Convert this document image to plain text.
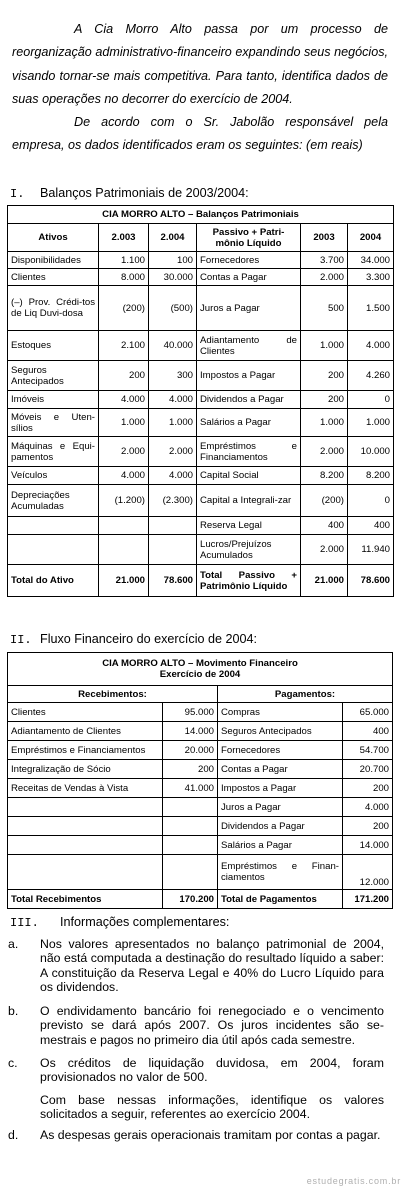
A Cia Morro Alto passa por um processo de reorganização administrativo-financeiro expandindo seus negócios, visando tornar-se mais competitiva. Para tanto, identifica dados de suas operações no decorrer do exercício de 2004.

De acordo com o Sr. Jabolão responsável pela empresa, os dados identificados eram os seguintes: (em reais)

I. Balanços Patrimoniais de 2003/2004:
CIA MORRO ALTO – Balanços Patrimoniais					
Ativos	2.003	2.004	Passivo + Patri-mônio Líquido	2003	2004
Disponibilidades	1.100	100	Fornecedores	3.700	34.000
Clientes	8.000	30.000	Contas a Pagar	2.000	3.300
(–) Prov. Crédi-tos de Liq Duvi-dosa	(200)	(500)	Juros a Pagar	500	1.500
Estoques	2.100	40.000	Adiantamento de Clientes	1.000	4.000
Seguros Antecipados	200	300	Impostos a Pagar	200	4.260
Imóveis	4.000	4.000	Dividendos a Pagar	200	0
Móveis e Uten-sílios	1.000	1.000	Salários a Pagar	1.000	1.000
Máquinas e Equi-pamentos	2.000	2.000	Empréstimos e Financiamentos	2.000	10.000
Veículos	4.000	4.000	Capital Social	8.200	8.200
Depreciações Acumuladas	(1.200)	(2.300)	Capital a Integrali-zar	(200)	0
			Reserva Legal	400	400
			Lucros/Prejuízos Acumulados	2.000	11.940
Total do Ativo	21.000	78.600	Total Passivo + Patrimônio Líquido	21.000	78.600
II. Fluxo Financeiro do exercício de 2004:
CIA MORRO ALTO – Movimento Financeiro
Exercício de 2004			
Recebimentos:		Pagamentos:	
Clientes	95.000	Compras	65.000
Adiantamento de Clientes	14.000	Seguros Antecipados	400
Empréstimos e Financiamentos	20.000	Fornecedores	54.700
Integralização de Sócio	200	Contas a Pagar	20.700
Receitas de Vendas à Vista	41.000	Impostos a Pagar	200
		Juros a Pagar	4.000
		Dividendos a Pagar	200
		Salários a Pagar	14.000
		Empréstimos e Finan-ciamentos	12.000
Total Recebimentos	170.200	Total de Pagamentos	171.200
III. Informações complementares:
a. Nos valores apresentados no balanço patrimonial de 2004, não está computada a destinação do resultado líquido a saber: A constituição da Reserva Legal e 40% do Lucro Líquido para os dividendos.
b. O endividamento bancário foi renegociado e o vencimento previsto se dará após 2007. Os juros incidentes são se-mestrais e pagos no primeiro dia útil após cada semestre.
c. Os créditos de liquidação duvidosa, em 2004, foram provisionados no valor de 500.
Com base nessas informações, identifique os valores solicitados a seguir, referentes ao exercício 2004.
d. As despesas gerais operacionais tramitam por contas a pagar.
estudegratis.com.br
